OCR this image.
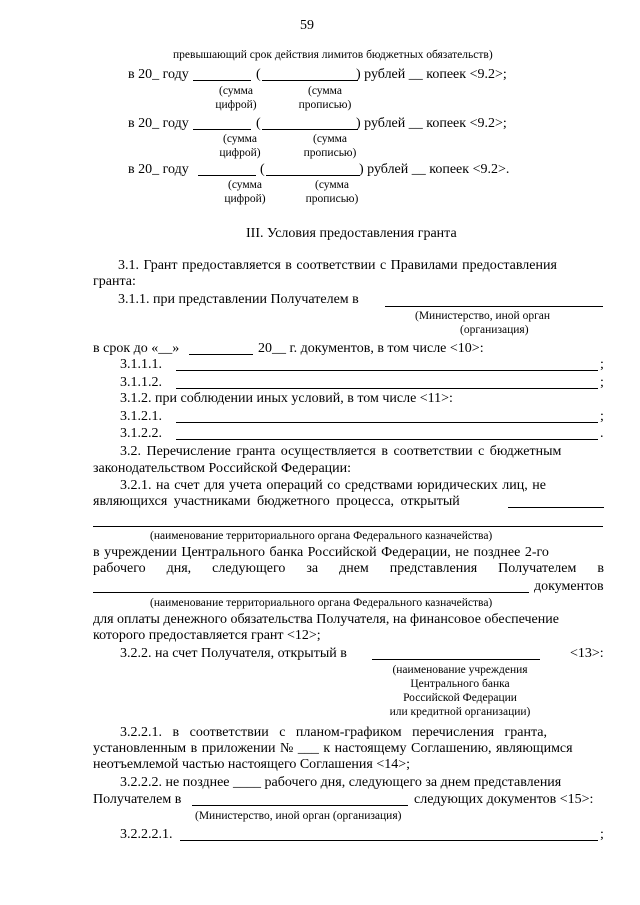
59
превышающий срок действия лимитов бюджетных обязательств)
в 20_ году	(	) рублей __ копеек <9.2>;
(сумма
цифрой)
(сумма
прописью)
в 20_ году	(	) рублей __ копеек <9.2>;
(сумма
цифрой)
(сумма
прописью)
в 20_ году	(	) рублей __ копеек <9.2>.
(сумма
цифрой)
(сумма
прописью)
III. Условия предоставления гранта
3.1. Грант предоставляется в соответствии с Правилами предоставления
гранта:
3.1.1. при представлении Получателем в
(Министерство, иной орган
(организация)
в срок до «__»	20__ г. документов, в том числе <10>:
3.1.1.1.	;
3.1.1.2.	;
3.1.2. при соблюдении иных условий, в том числе <11>:
3.1.2.1.	;
3.1.2.2.	.
3.2. Перечисление гранта осуществляется в соответствии с бюджетным
законодательством Российской Федерации:
3.2.1. на счет для учета операций со средствами юридических лиц, не
являющихся участниками бюджетного процесса, открытый
(наименование территориального органа Федерального казначейства)
в учреждении Центрального банка Российской Федерации, не позднее 2-го
рабочего дня, следующего за днем представления Получателем в
документов
(наименование территориального органа Федерального казначейства)
для оплаты денежного обязательства Получателя, на финансовое обеспечение
которого предоставляется грант <12>;
3.2.2. на счет Получателя, открытый в	<13>:
(наименование учреждения
Центрального банка
Российской Федерации
или кредитной организации)
3.2.2.1. в соответствии с планом-графиком перечисления гранта,
установленным в приложении № ___ к настоящему Соглашению, являющимся
неотъемлемой частью настоящего Соглашения <14>;
3.2.2.2. не позднее ____ рабочего дня, следующего за днем представления
Получателем в	следующих документов <15>:
(Министерство, иной орган (организация)
3.2.2.2.1.	;
